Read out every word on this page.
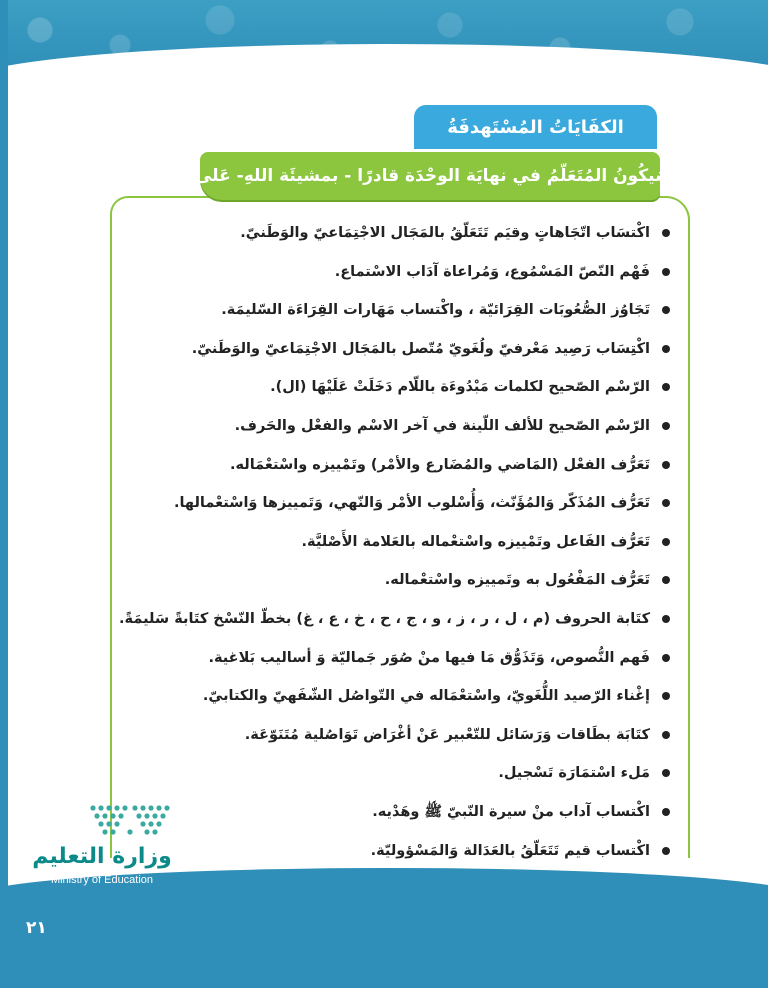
الكفَايَاتُ المُسْتَهدفَةُ
سَيكُونُ المُتَعَلّمُ في نهايَة الوحْدَة قادرًا - بمشيئَة اللهِ- عَلى:
اكْتسَاب اتّجَاهاتٍ وقيَم تَتَعَلّقُ بالمَجَال الاجْتِمَاعيّ والوَطَنيّ.
فَهْم النّصّ المَسْمُوع، وَمُراعاة آدَاب الاسْتماع.
تَجَاوُز الصُّعُوبَات القِرَائيّة ، واكْتساب مَهَارات القِرَاءَة السّليمَة.
اكْتِسَاب رَصِيد مَعْرفيّ ولُغَويّ مُتّصل بالمَجَال الاجْتِمَاعيّ والوَطَنيّ.
الرّسْم الصّحيح لكلمات مَبْدُوءَة باللّام دَخَلَتْ عَلَيْهَا (ال).
الرّسْم الصّحيح للألف اللّينة في آخر الاسْم والفعْل والحَرف.
تَعَرُّف الفعْل (المَاضي والمُضَارع والأمْر) وتَمْييزه واسْتعْمَاله.
تَعَرُّف المُذَكّر وَالمُؤَنّث، وَأُسْلوب الأمْر وَالنّهي، وَتَمييزها وَاسْتعْمالها.
تَعَرُّف الفَاعل وتَمْييزه واسْتعْماله بالعَلامة الأَصْليَّة.
تَعَرُّف المَفْعُول به وتَمييزه واسْتعْماله.
كتَابة الحروف (م ، ل ، ر ، ز ، و ، ج ، ح ، خ ، ع ، غ) بخطّ النّسْخ كتَابةً سَليمَةً.
فَهم النُّصوص، وَتَذَوُّق مَا فيها منْ صُوَر جَماليّة وَ أساليب بَلاغية.
إغْناء الرّصيد اللُّغَويّ، واسْتعْمَاله في التّواصُل الشّفَهيّ والكتابيّ.
كتَابَة بطَاقات وَرَسَائل للتّعْبير عَنْ أغْرَاض تَوَاصُلية مُتَنَوّعَة.
مَلء اسْتمَارَة تَسْجيل.
اكْتساب آداب منْ سيرة النّبيّ ﷺ وهَدْيه.
اكْتساب قيم تَتَعَلّقُ بالعَدَالة وَالمَسْؤوليّة.
وزارة التعليم
Ministry of Education
٢١
